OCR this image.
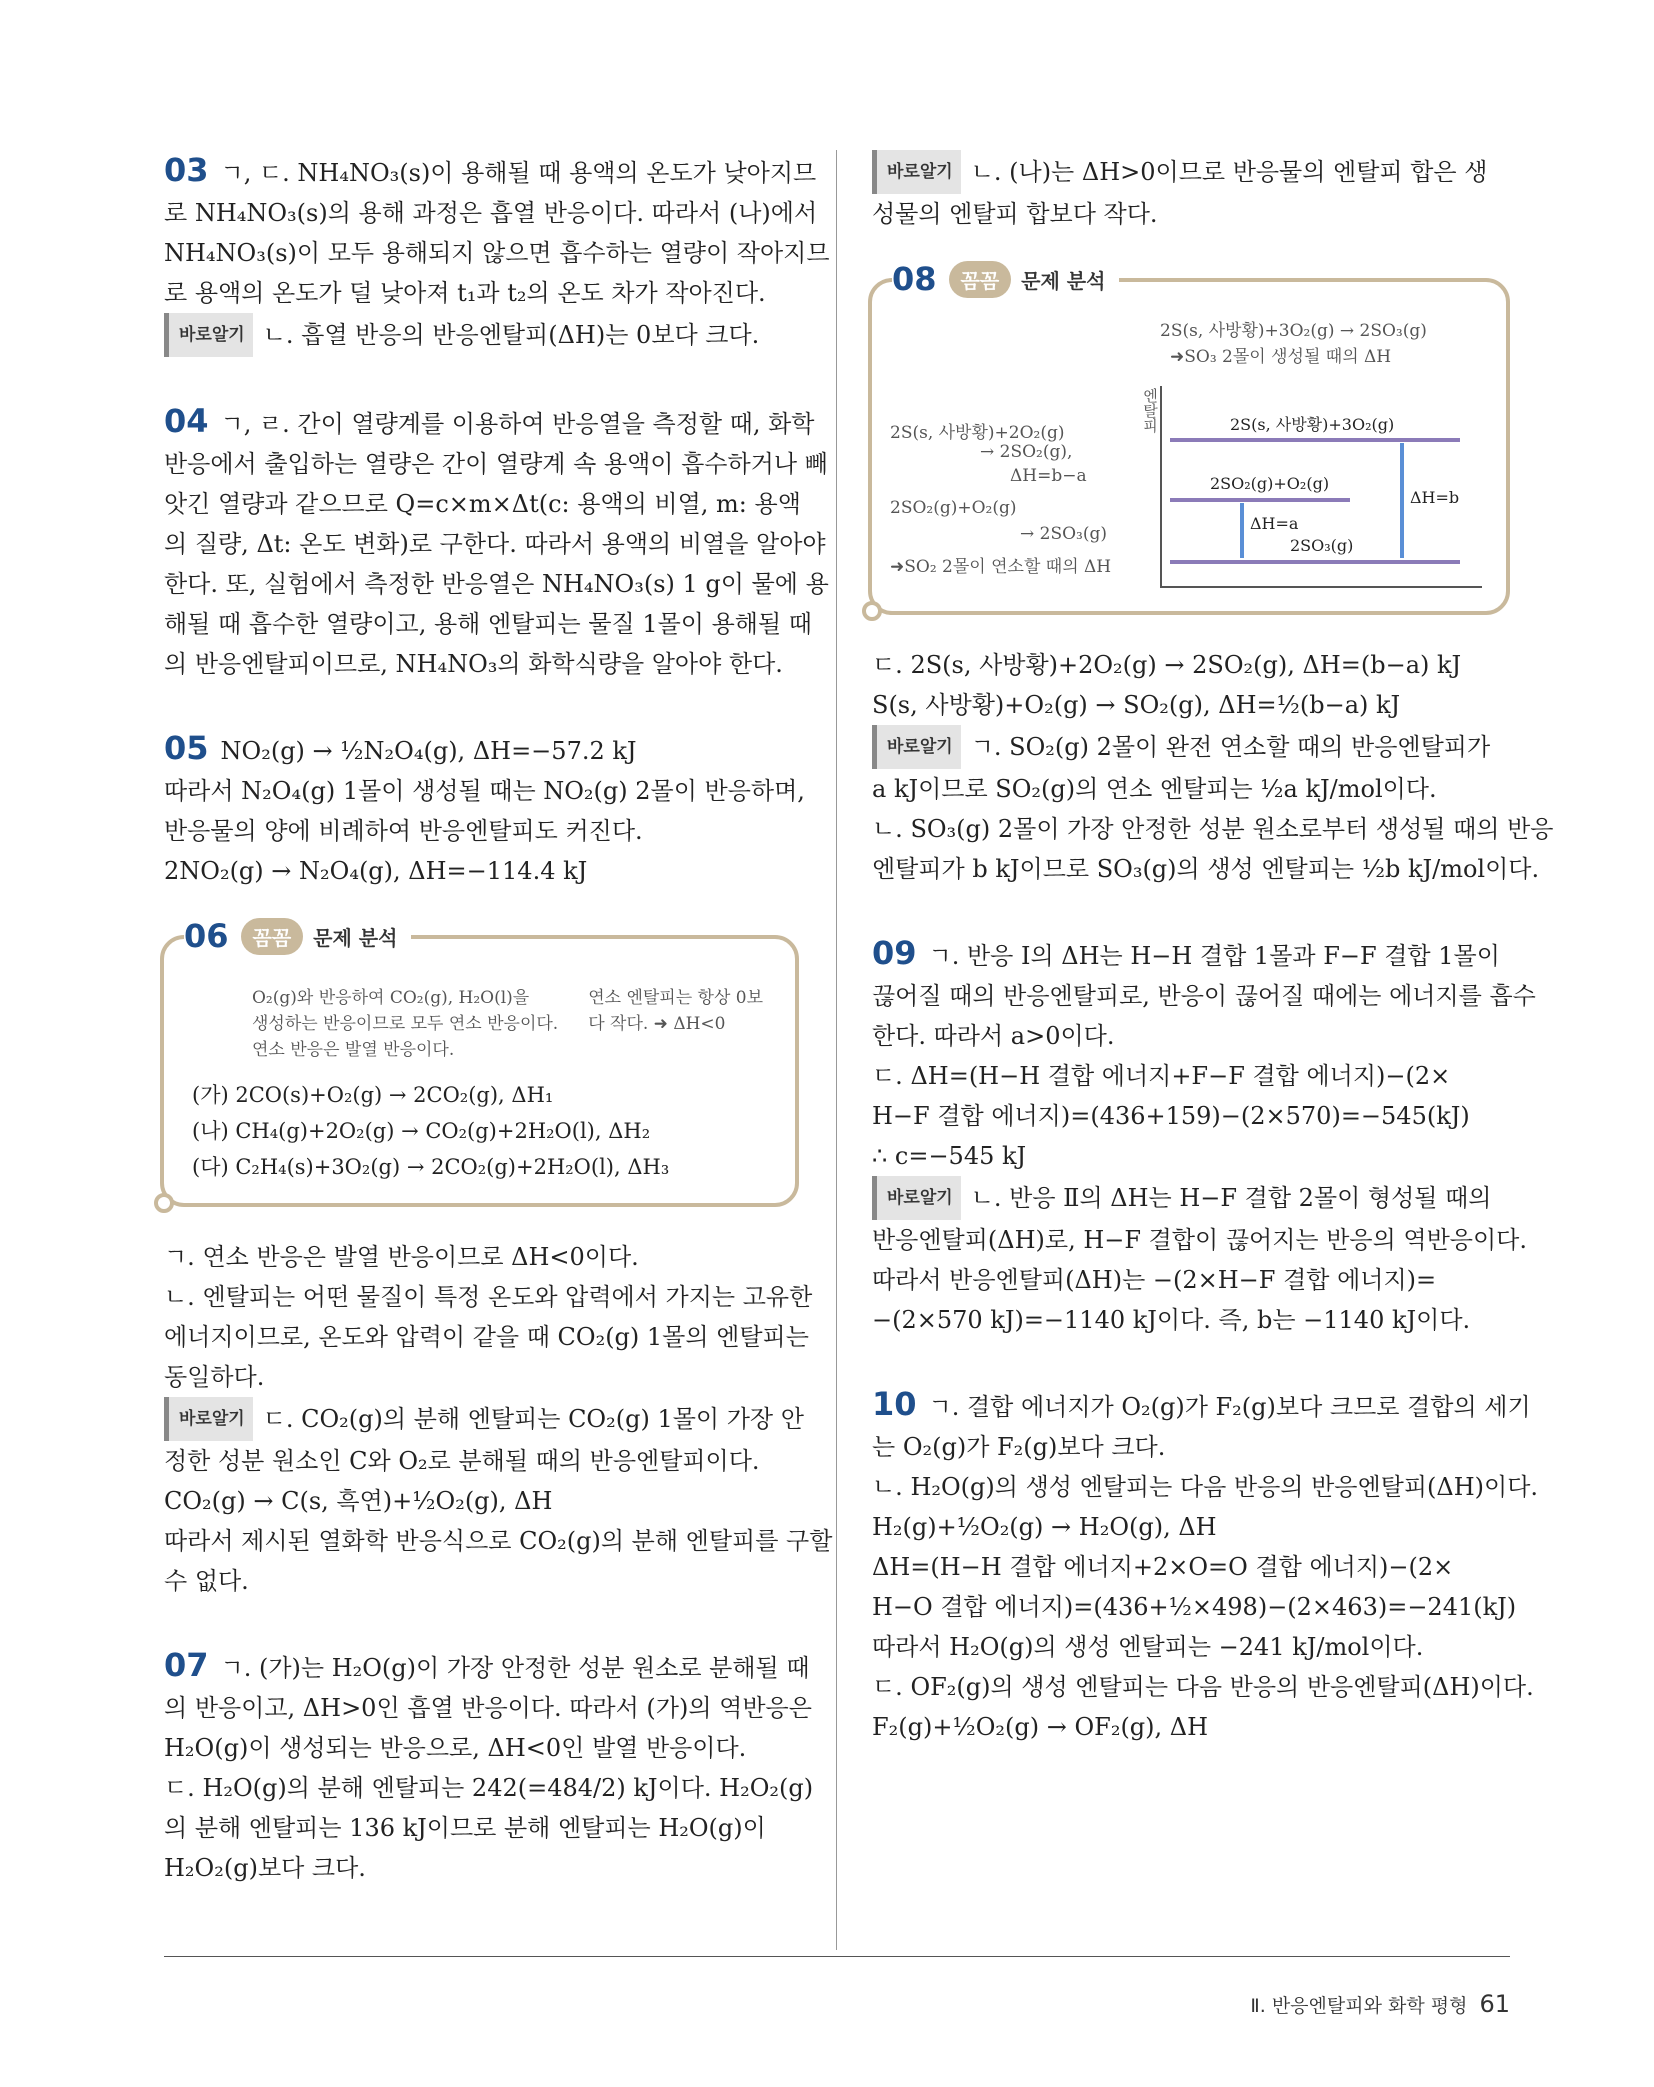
03 ㄱ, ㄷ. NH₄NO₃(s)이 용해될 때 용액의 온도가 낮아지므
로 NH₄NO₃(s)의 용해 과정은 흡열 반응이다. 따라서 (나)에서
NH₄NO₃(s)이 모두 용해되지 않으면 흡수하는 열량이 작아지므
로 용액의 온도가 덜 낮아져 t₁과 t₂의 온도 차가 작아진다.
바로알기 ㄴ. 흡열 반응의 반응엔탈피(ΔH)는 0보다 크다.
04 ㄱ, ㄹ. 간이 열량계를 이용하여 반응열을 측정할 때, 화학
반응에서 출입하는 열량은 간이 열량계 속 용액이 흡수하거나 빼
앗긴 열량과 같으므로 Q=c×m×Δt(c: 용액의 비열, m: 용액
의 질량, Δt: 온도 변화)로 구한다. 따라서 용액의 비열을 알아야
한다. 또, 실험에서 측정한 반응열은 NH₄NO₃(s) 1 g이 물에 용
해될 때 흡수한 열량이고, 용해 엔탈피는 물질 1몰이 용해될 때
의 반응엔탈피이므로, NH₄NO₃의 화학식량을 알아야 한다.
05 NO₂(g) → ½N₂O₄(g), ΔH=−57.2 kJ
따라서 N₂O₄(g) 1몰이 생성될 때는 NO₂(g) 2몰이 반응하며,
반응물의 양에 비례하여 반응엔탈피도 커진다.
2NO₂(g) → N₂O₄(g), ΔH=−114.4 kJ
06	꼼꼼	문제 분석
O₂(g)와 반응하여 CO₂(g), H₂O(l)을
생성하는 반응이므로 모두 연소 반응이다.
연소 반응은 발열 반응이다.
연소 엔탈피는 항상 0보
다 작다. ➜ ΔH<0
(가) 2CO(s)+O₂(g) → 2CO₂(g), ΔH₁
(나) CH₄(g)+2O₂(g) → CO₂(g)+2H₂O(l), ΔH₂
(다) C₂H₄(s)+3O₂(g) → 2CO₂(g)+2H₂O(l), ΔH₃
ㄱ. 연소 반응은 발열 반응이므로 ΔH<0이다.
ㄴ. 엔탈피는 어떤 물질이 특정 온도와 압력에서 가지는 고유한
에너지이므로, 온도와 압력이 같을 때 CO₂(g) 1몰의 엔탈피는
동일하다.
바로알기 ㄷ. CO₂(g)의 분해 엔탈피는 CO₂(g) 1몰이 가장 안
정한 성분 원소인 C와 O₂로 분해될 때의 반응엔탈피이다.
CO₂(g) → C(s, 흑연)+½O₂(g), ΔH
따라서 제시된 열화학 반응식으로 CO₂(g)의 분해 엔탈피를 구할
수 없다.
07 ㄱ. (가)는 H₂O(g)이 가장 안정한 성분 원소로 분해될 때
의 반응이고, ΔH>0인 흡열 반응이다. 따라서 (가)의 역반응은
H₂O(g)이 생성되는 반응으로, ΔH<0인 발열 반응이다.
ㄷ. H₂O(g)의 분해 엔탈피는 242(=484/2) kJ이다. H₂O₂(g)
의 분해 엔탈피는 136 kJ이므로 분해 엔탈피는 H₂O(g)이
H₂O₂(g)보다 크다.
바로알기 ㄴ. (나)는 ΔH>0이므로 반응물의 엔탈피 합은 생
성물의 엔탈피 합보다 작다.
08	꼼꼼	문제 분석
2S(s, 사방황)+3O₂(g) → 2SO₃(g)
➜SO₃ 2몰이 생성될 때의 ΔH
2S(s, 사방황)+2O₂(g)
→ 2SO₂(g),
ΔH=b−a
2SO₂(g)+O₂(g)
→ 2SO₃(g)
➜SO₂ 2몰이 연소할 때의 ΔH
엔탈피	2S(s, 사방황)+3O₂(g)
2SO₂(g)+O₂(g)
2SO₃(g)
ΔH=a
ΔH=b
ㄷ. 2S(s, 사방황)+2O₂(g) → 2SO₂(g), ΔH=(b−a) kJ
S(s, 사방황)+O₂(g) → SO₂(g), ΔH=½(b−a) kJ
바로알기 ㄱ. SO₂(g) 2몰이 완전 연소할 때의 반응엔탈피가
a kJ이므로 SO₂(g)의 연소 엔탈피는 ½a kJ/mol이다.
ㄴ. SO₃(g) 2몰이 가장 안정한 성분 원소로부터 생성될 때의 반응
엔탈피가 b kJ이므로 SO₃(g)의 생성 엔탈피는 ½b kJ/mol이다.
09 ㄱ. 반응 Ⅰ의 ΔH는 H−H 결합 1몰과 F−F 결합 1몰이
끊어질 때의 반응엔탈피로, 반응이 끊어질 때에는 에너지를 흡수
한다. 따라서 a>0이다.
ㄷ. ΔH=(H−H 결합 에너지+F−F 결합 에너지)−(2×
H−F 결합 에너지)=(436+159)−(2×570)=−545(kJ)
∴ c=−545 kJ
바로알기 ㄴ. 반응 Ⅱ의 ΔH는 H−F 결합 2몰이 형성될 때의
반응엔탈피(ΔH)로, H−F 결합이 끊어지는 반응의 역반응이다.
따라서 반응엔탈피(ΔH)는 −(2×H−F 결합 에너지)=
−(2×570 kJ)=−1140 kJ이다. 즉, b는 −1140 kJ이다.
10 ㄱ. 결합 에너지가 O₂(g)가 F₂(g)보다 크므로 결합의 세기
는 O₂(g)가 F₂(g)보다 크다.
ㄴ. H₂O(g)의 생성 엔탈피는 다음 반응의 반응엔탈피(ΔH)이다.
H₂(g)+½O₂(g) → H₂O(g), ΔH
ΔH=(H−H 결합 에너지+2×O=O 결합 에너지)−(2×
H−O 결합 에너지)=(436+½×498)−(2×463)=−241(kJ)
따라서 H₂O(g)의 생성 엔탈피는 −241 kJ/mol이다.
ㄷ. OF₂(g)의 생성 엔탈피는 다음 반응의 반응엔탈피(ΔH)이다.
F₂(g)+½O₂(g) → OF₂(g), ΔH
Ⅱ. 반응엔탈피와 화학 평형 61
